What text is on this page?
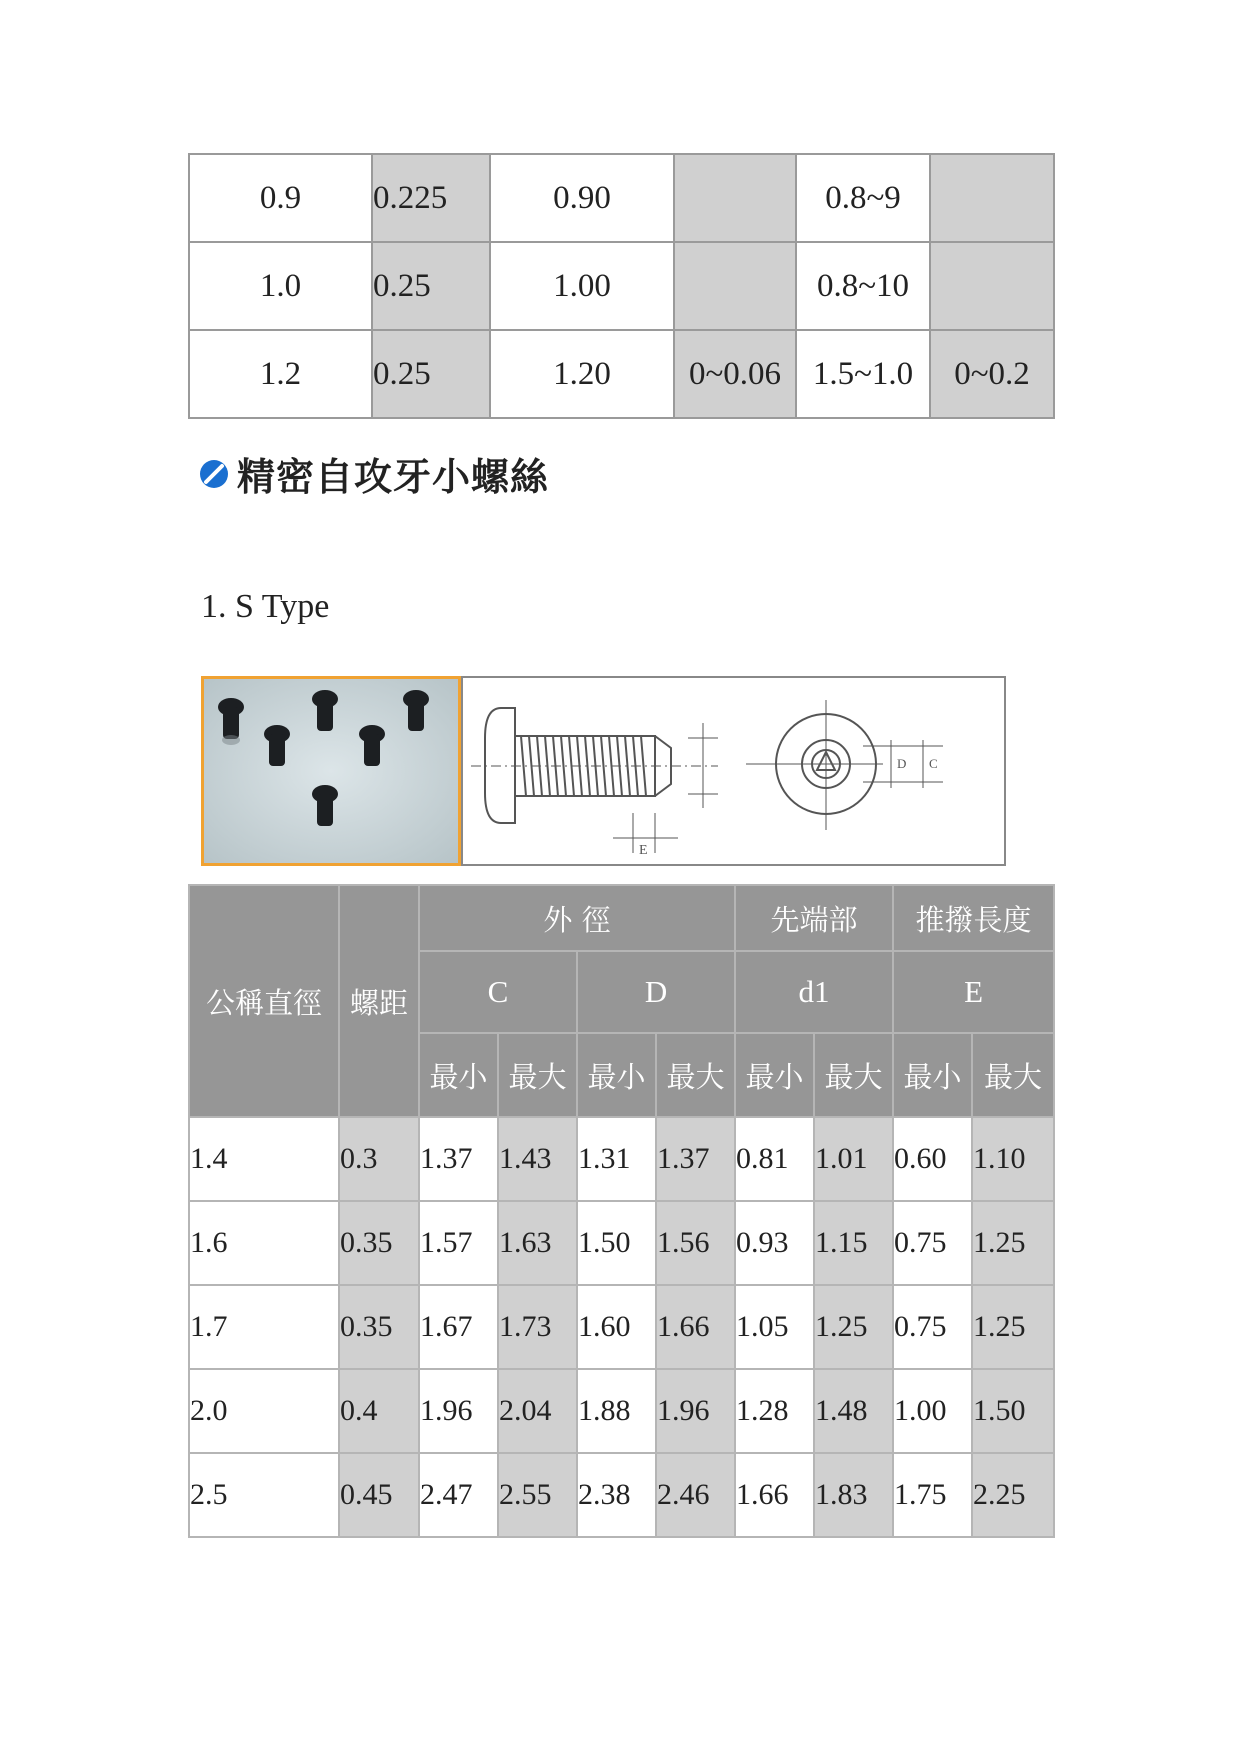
0.9	0.225	0.90		0.8~9	
1.0	0.25	1.00		0.8~10	
1.2	0.25	1.20	0~0.06	1.5~1.0	0~0.2
精密自攻牙小螺絲
1. S Type
E
D C
公稱直徑	螺距	外 徑				先端部		推撥長度	
		C		D		d1		E	
		最小	最大	最小	最大	最小	最大	最小	最大
1.4	0.3	1.37	1.43	1.31	1.37	0.81	1.01	0.60	1.10
1.6	0.35	1.57	1.63	1.50	1.56	0.93	1.15	0.75	1.25
1.7	0.35	1.67	1.73	1.60	1.66	1.05	1.25	0.75	1.25
2.0	0.4	1.96	2.04	1.88	1.96	1.28	1.48	1.00	1.50
2.5	0.45	2.47	2.55	2.38	2.46	1.66	1.83	1.75	2.25
